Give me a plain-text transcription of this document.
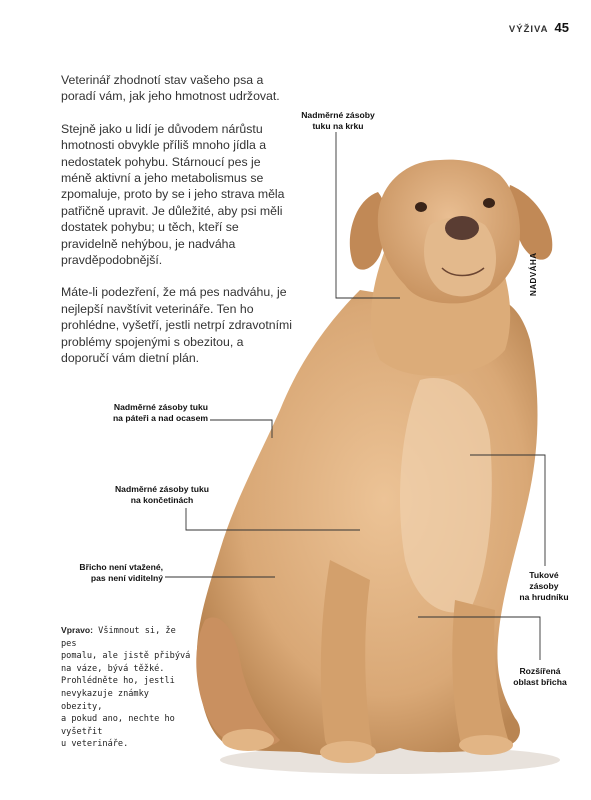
VÝŽIVA 45

Veterinář zhodnotí stav vašeho psa a poradí vám, jak jeho hmotnost udržovat.

Stejně jako u lidí je důvodem nárůstu hmotnosti obvykle příliš mnoho jídla a nedostatek pohybu. Stárnoucí pes je méně aktivní a jeho metabolismus se zpomaluje, proto by se i jeho strava měla patřičně upravit. Je důležité, aby psi měli dostatek pohybu; u těch, kteří se pravidelně nehýbou, je nadváha pravděpodobnější.

Máte-li podezření, že má pes nadváhu, je nejlepší navštívit veterináře. Ten ho prohlédne, vyšetří, jestli netrpí zdravotními problémy spojenými s obezitou, a doporučí vám dietní plán.

Nadměrné zásoby
tuku na krku
Nadměrné zásoby tuku
na páteři a nad ocasem
Nadměrné zásoby tuku
na končetinách
Břicho není vtažené,
pas není viditelný	Tukové
zásoby
na hrudníku
Rozšířená
oblast břicha
NADVÁHA
Vpravo: Všimnout si, že pes
pomalu, ale jistě přibývá
na váze, bývá těžké.
Prohlédněte ho, jestli
nevykazuje známky obezity,
a pokud ano, nechte ho vyšetřit
u veterináře.
